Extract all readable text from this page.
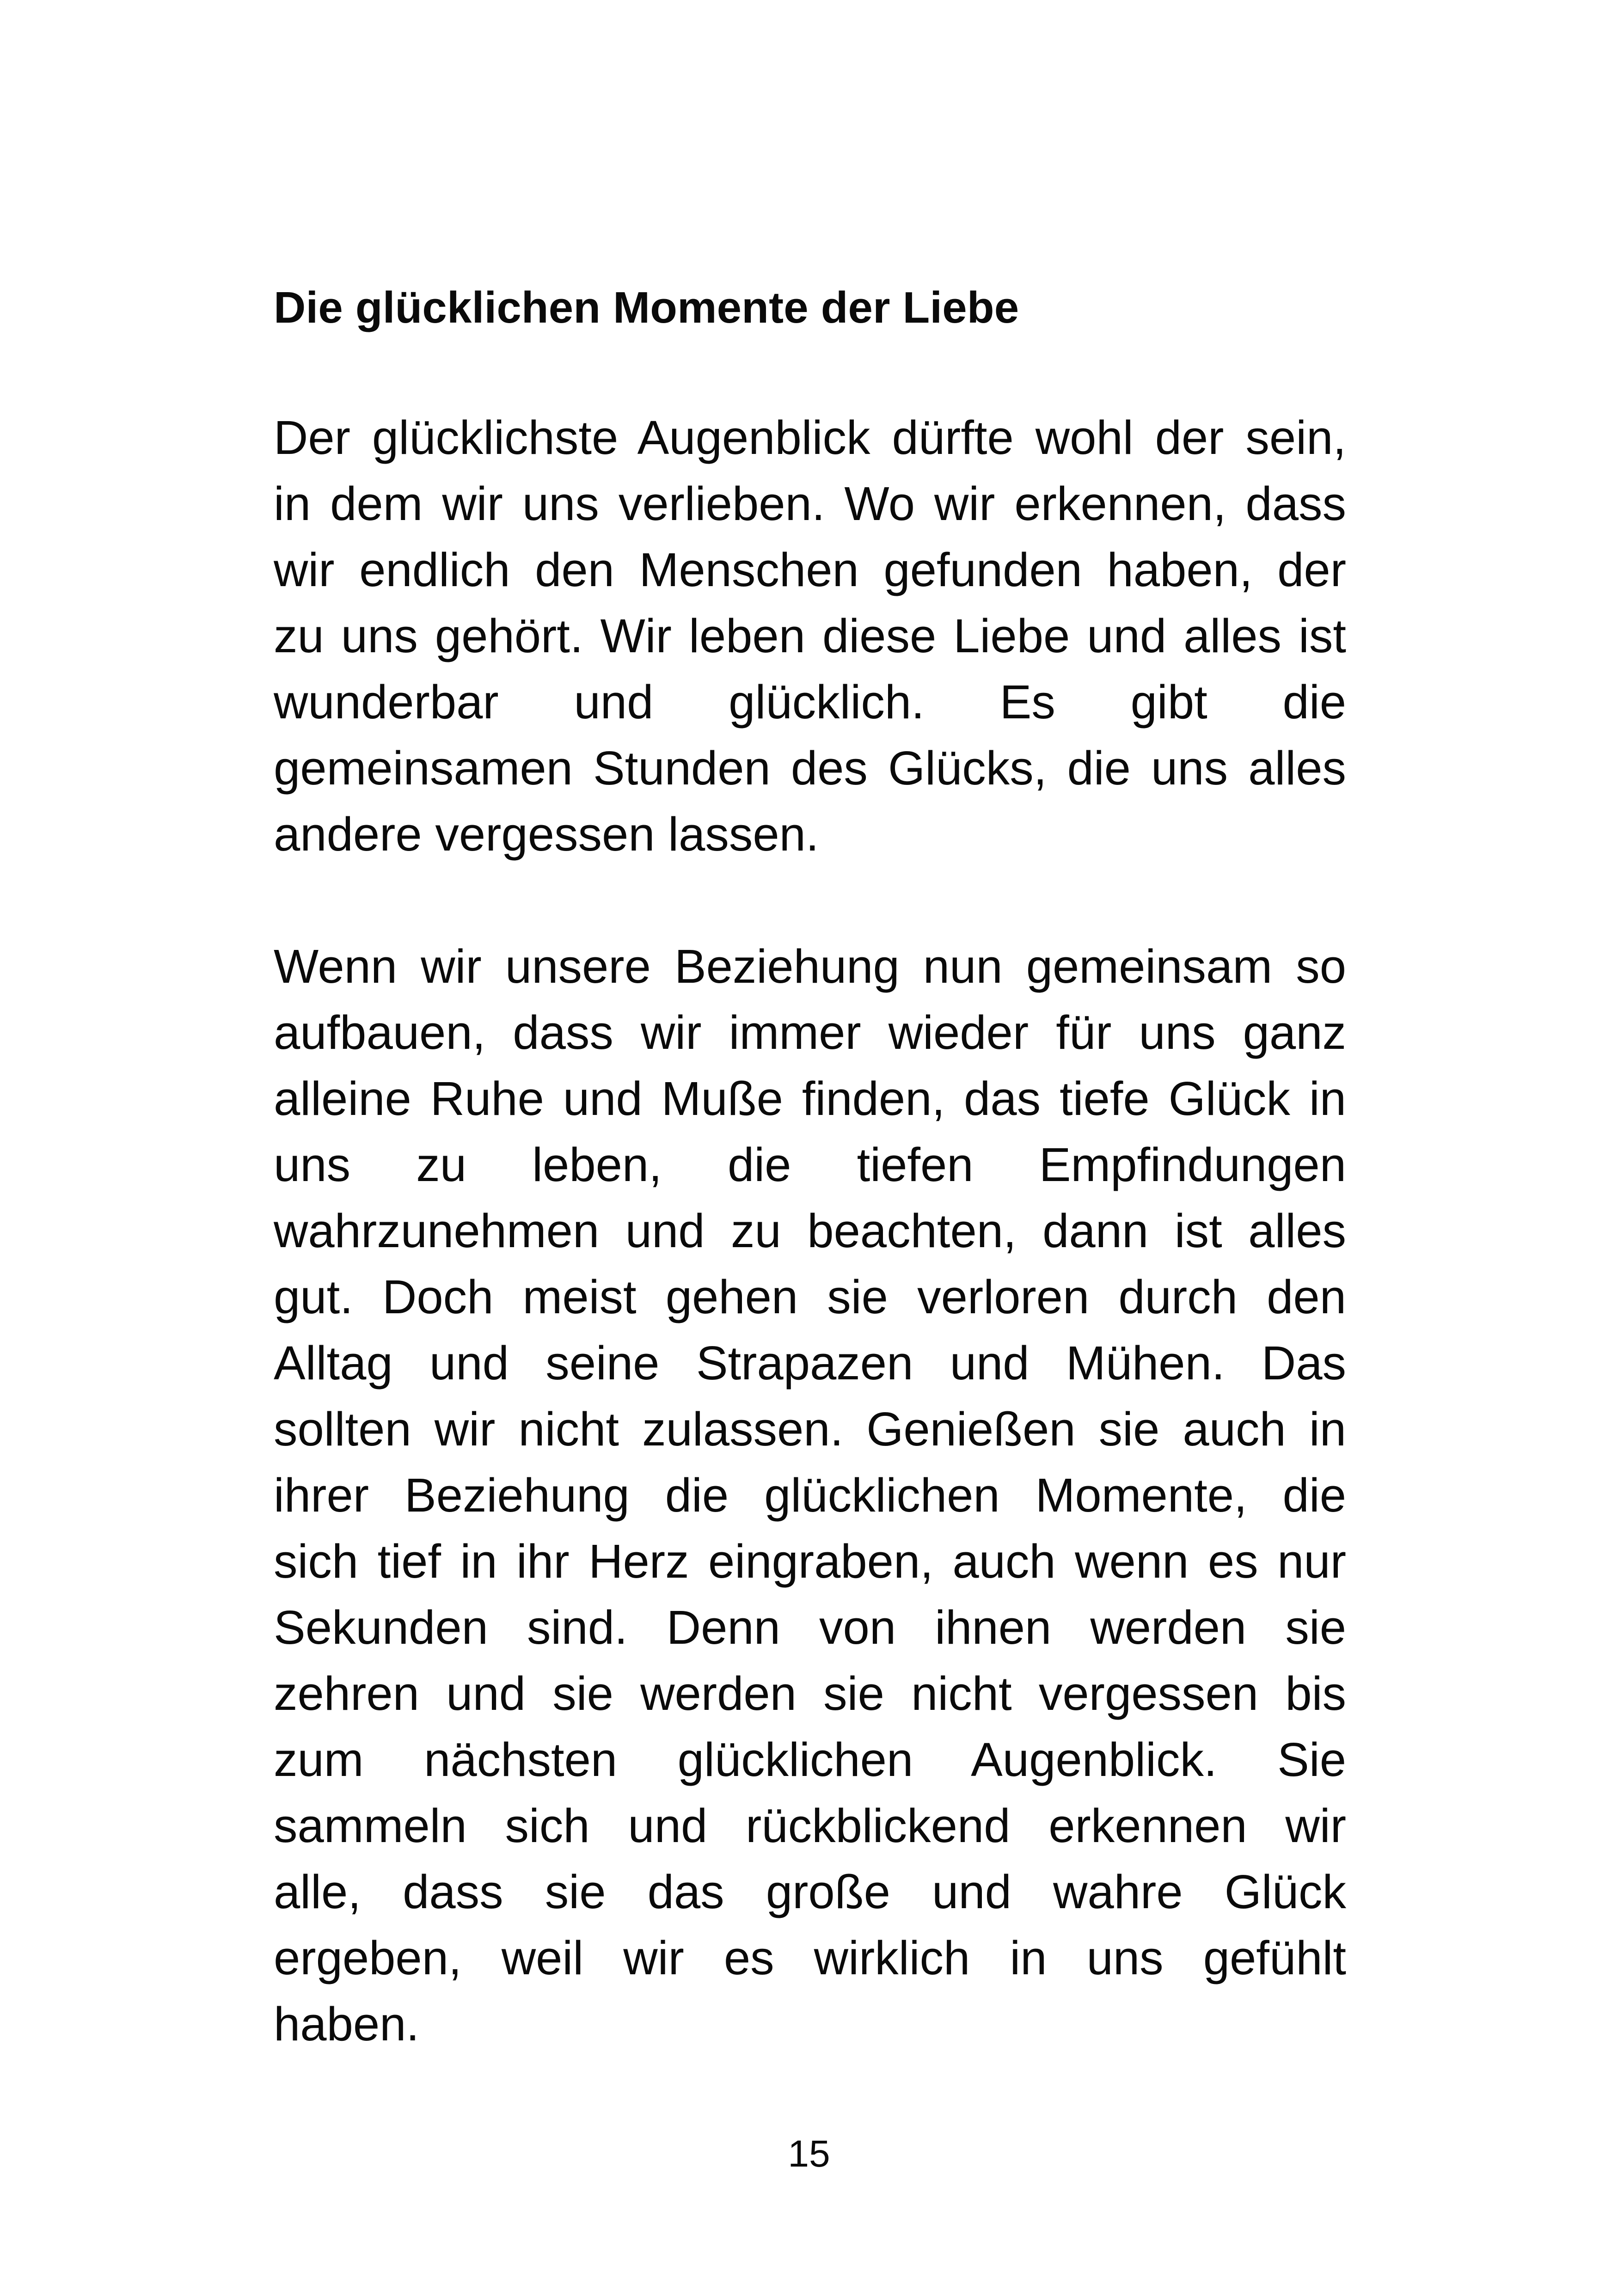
Die glücklichen Momente der Liebe

Der glücklichste Augenblick dürfte wohl der sein,
in dem wir uns verlieben. Wo wir erkennen, dass
wir endlich den Menschen gefunden haben, der
zu uns gehört. Wir leben diese Liebe und alles ist
wunderbar und glücklich. Es gibt die
gemeinsamen Stunden des Glücks, die uns alles
andere vergessen lassen.

Wenn wir unsere Beziehung nun gemeinsam so
aufbauen, dass wir immer wieder für uns ganz
alleine Ruhe und Muße finden, das tiefe Glück in
uns zu leben, die tiefen Empfindungen
wahrzunehmen und zu beachten, dann ist alles
gut. Doch meist gehen sie verloren durch den
Alltag und seine Strapazen und Mühen. Das
sollten wir nicht zulassen. Genießen sie auch in
ihrer Beziehung die glücklichen Momente, die
sich tief in ihr Herz eingraben, auch wenn es nur
Sekunden sind. Denn von ihnen werden sie
zehren und sie werden sie nicht vergessen bis
zum nächsten glücklichen Augenblick. Sie
sammeln sich und rückblickend erkennen wir
alle, dass sie das große und wahre Glück
ergeben, weil wir es wirklich in uns gefühlt
haben.

15
